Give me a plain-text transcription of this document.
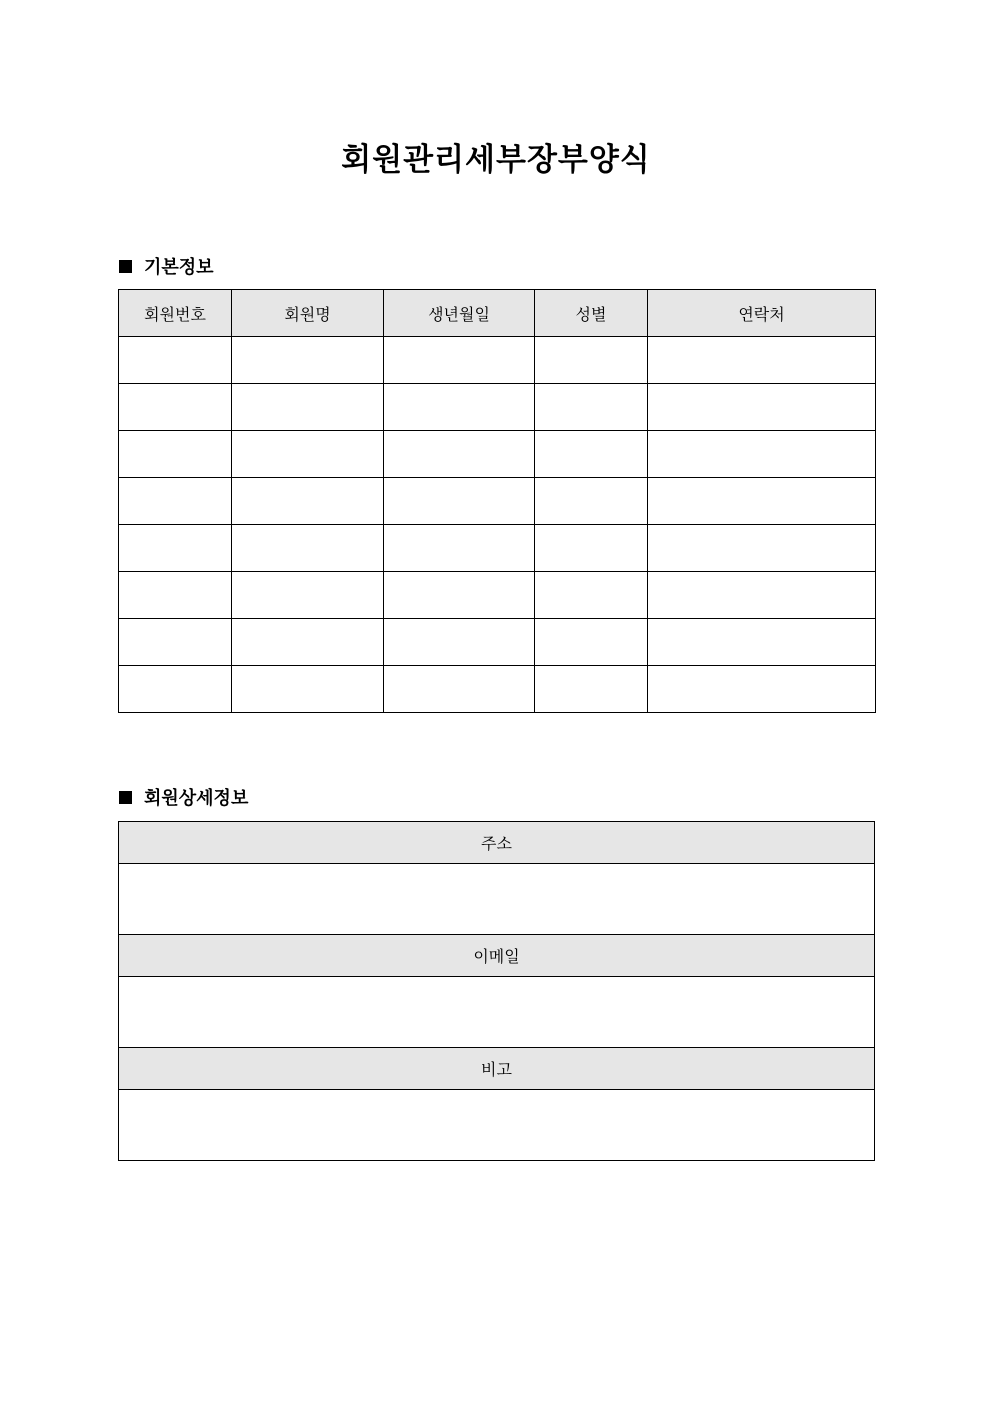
회원관리세부장부양식
기본정보
회원번호	회원명	생년월일	성별	연락처

회원상세정보
주소

이메일

비고
